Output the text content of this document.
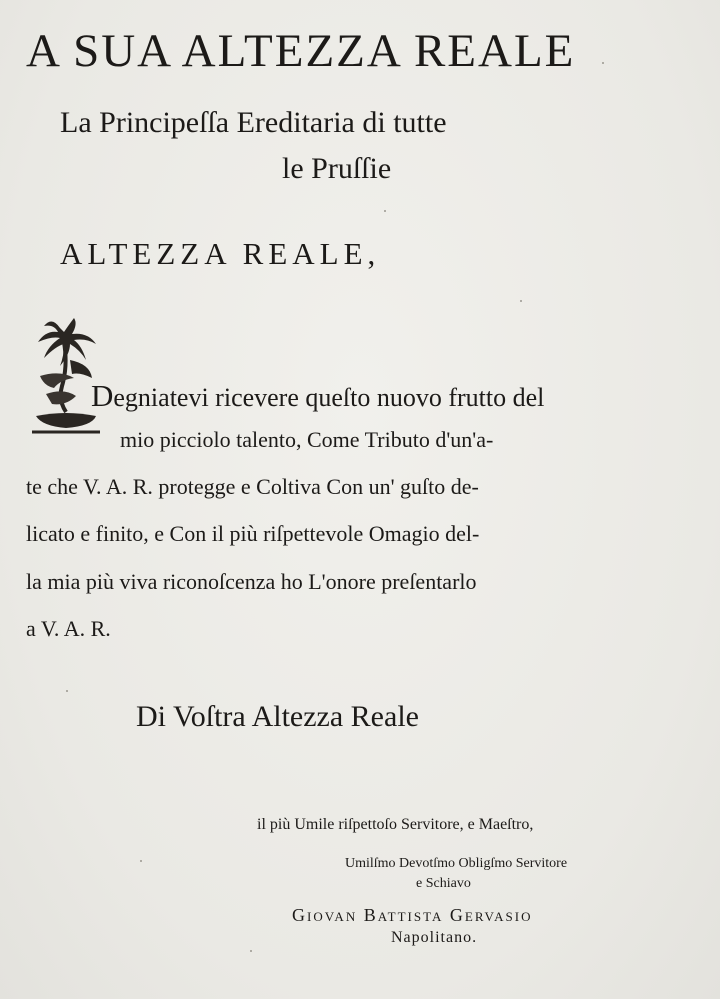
A SUA ALTEZZA REALE
La Principeſſa Ereditaria di tutte
le Pruſſie
ALTEZZA REALE,
Degniatevi ricevere queſto nuovo frutto del
mio picciolo talento, Come Tributo d'un'a-
te che V. A. R. protegge e Coltiva Con un' guſto de-
licato e finito, e Con il più riſpettevole Omagio del-
la mia più viva riconoſcenza ho L'onore preſentarlo
a V. A. R.
Di Voſtra Altezza Reale
il più Umile riſpettoſo Servitore, e Maeſtro,
Umilſmo Devotſmo Obligſmo Servitore
e Schiavo
Giovan Battista Gervasio
Napolitano.
